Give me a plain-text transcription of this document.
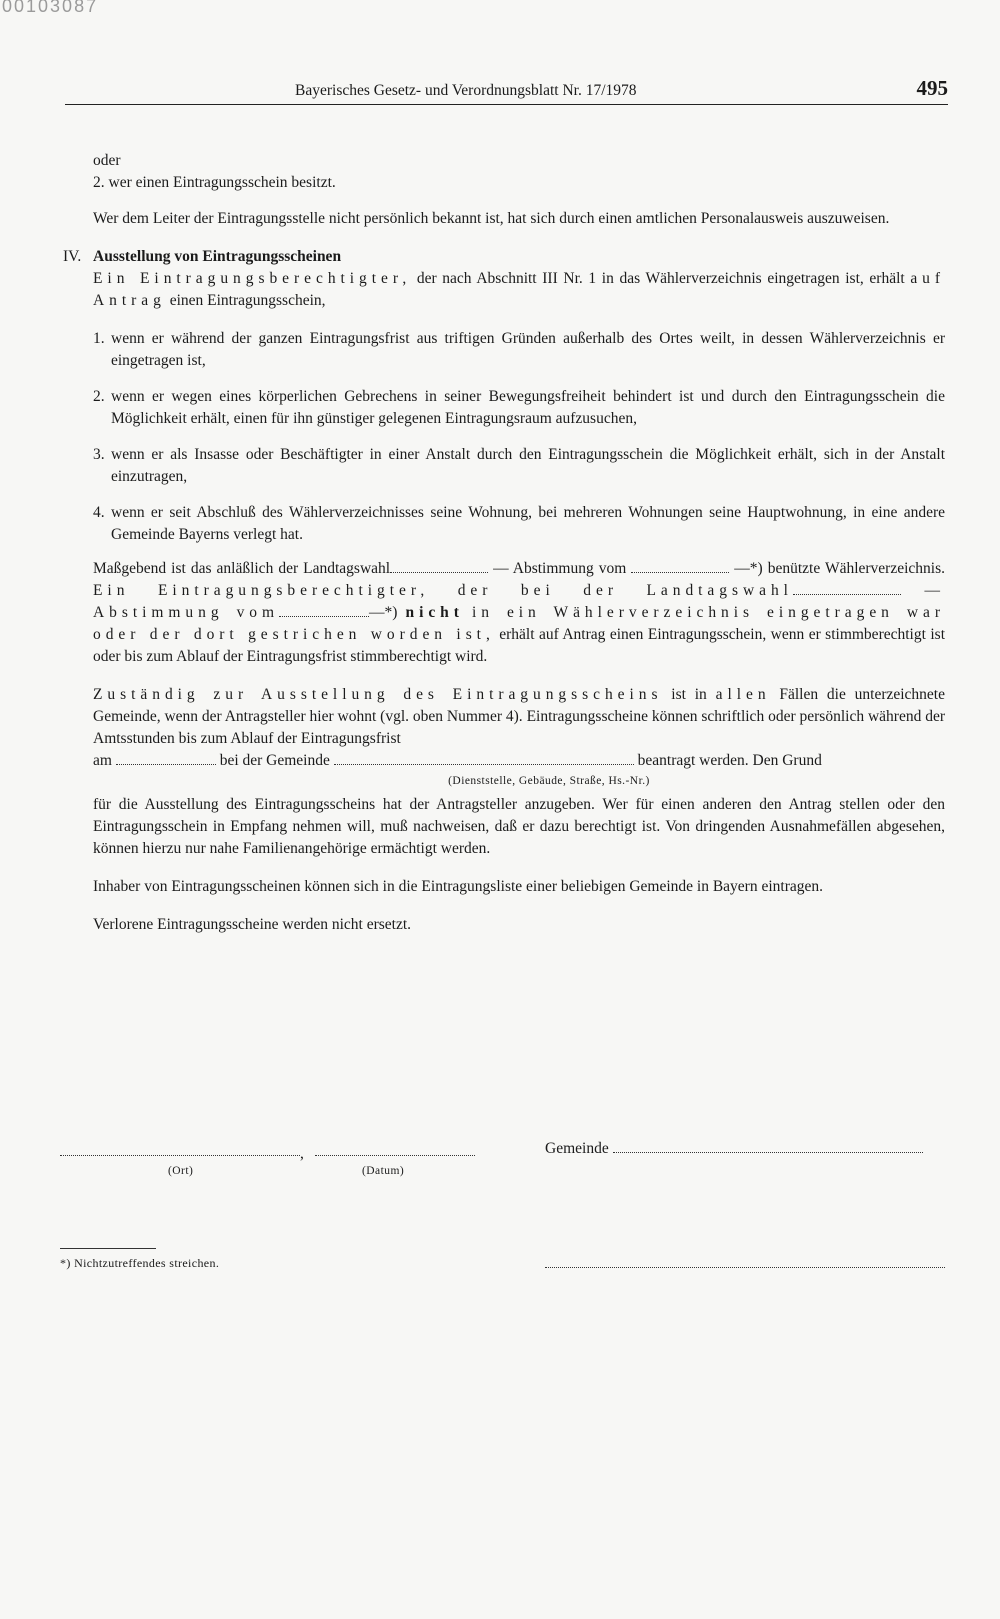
00103087
Bayerisches Gesetz- und Verordnungsblatt Nr. 17/1978	495

oder

2. wer einen Eintragungsschein besitzt.

Wer dem Leiter der Eintragungsstelle nicht persönlich bekannt ist, hat sich durch einen amtlichen Personalausweis auszuweisen.

IV. Ausstellung von Eintragungsscheinen

Ein Eintragungsberechtigter, der nach Abschnitt III Nr. 1 in das Wählerverzeichnis eingetragen ist, erhält auf Antrag einen Eintragungsschein,

1. wenn er während der ganzen Eintragungsfrist aus triftigen Gründen außerhalb des Ortes weilt, in dessen Wählerverzeichnis er eingetragen ist,
2. wenn er wegen eines körperlichen Gebrechens in seiner Bewegungsfreiheit behindert ist und durch den Eintragungsschein die Möglichkeit erhält, einen für ihn günstiger gelegenen Eintragungsraum aufzusuchen,
3. wenn er als Insasse oder Beschäftigter in einer Anstalt durch den Eintragungsschein die Möglichkeit erhält, sich in der Anstalt einzutragen,
4. wenn er seit Abschluß des Wählerverzeichnisses seine Wohnung, bei mehreren Wohnungen seine Hauptwohnung, in eine andere Gemeinde Bayerns verlegt hat.

Maßgebend ist das anläßlich der Landtagswahl	— Abstimmung vom	—*) benützte Wählerverzeichnis. Ein Eintragungsberechtigter, der bei der Landtagswahl	— Abstimmung vom	—*) nicht in ein Wählerverzeichnis eingetragen war oder der dort gestrichen worden ist, erhält auf Antrag einen Eintragungsschein, wenn er stimmberechtigt ist oder bis zum Ablauf der Eintragungsfrist stimmberechtigt wird.

Zuständig zur Ausstellung des Eintragungsscheins ist in allen Fällen die unterzeichnete Gemeinde, wenn der Antragsteller hier wohnt (vgl. oben Nummer 4). Eintragungsscheine können schriftlich oder persönlich während der Amtsstunden bis zum Ablauf der Eintragungsfrist

am	bei der Gemeinde	beantragt werden. Den Grund

(Dienststelle, Gebäude, Straße, Hs.-Nr.)

für die Ausstellung des Eintragungsscheins hat der Antragsteller anzugeben. Wer für einen anderen den Antrag stellen oder den Eintragungsschein in Empfang nehmen will, muß nachweisen, daß er dazu berechtigt ist. Von dringenden Ausnahmefällen abgesehen, können hierzu nur nahe Familienangehörige ermächtigt werden.

Inhaber von Eintragungsscheinen können sich in die Eintragungsliste einer beliebigen Gemeinde in Bayern eintragen.

Verlorene Eintragungsscheine werden nicht ersetzt.

,
(Ort)	(Datum)
Gemeinde
*) Nichtzutreffendes streichen.
